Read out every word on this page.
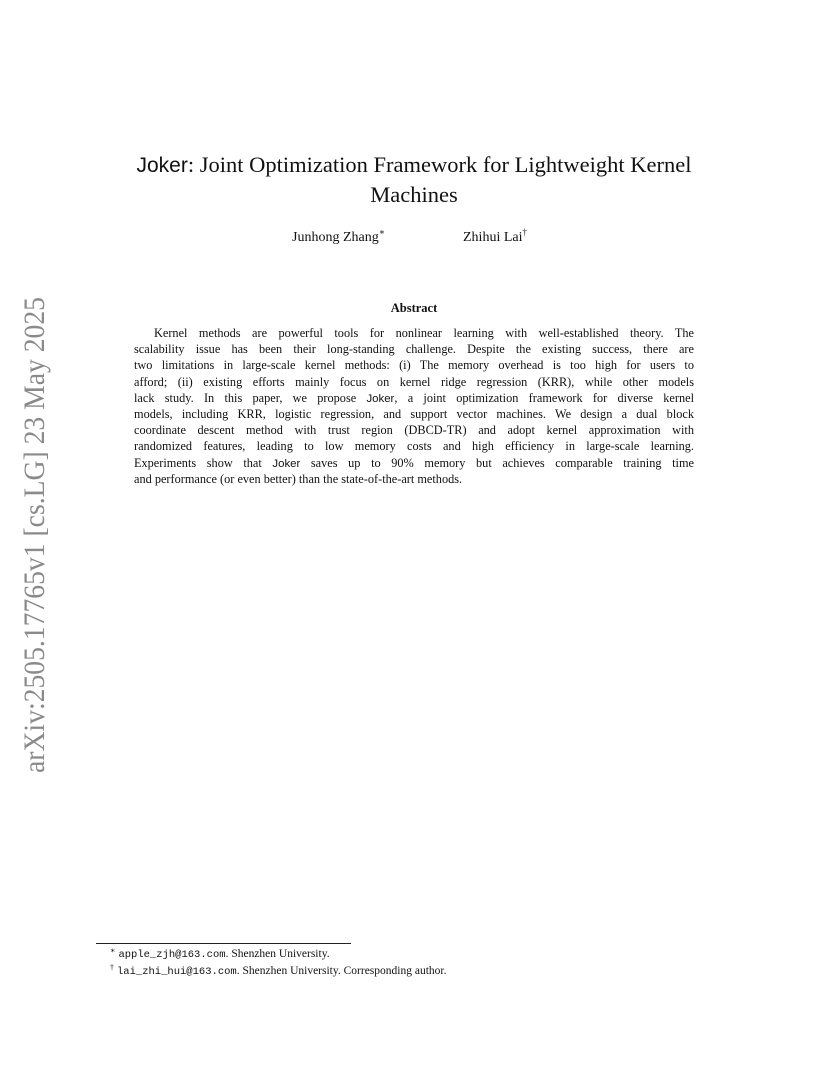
arXiv:2505.17765v1 [cs.LG] 23 May 2025
Joker: Joint Optimization Framework for Lightweight Kernel
Machines
Junhong Zhang∗	Zhihui Lai†
Abstract
Kernel methods are powerful tools for nonlinear learning with well-established theory. The
scalability issue has been their long-standing challenge. Despite the existing success, there are
two limitations in large-scale kernel methods: (i) The memory overhead is too high for users to
afford; (ii) existing efforts mainly focus on kernel ridge regression (KRR), while other models
lack study. In this paper, we propose Joker, a joint optimization framework for diverse kernel
models, including KRR, logistic regression, and support vector machines. We design a dual block
coordinate descent method with trust region (DBCD-TR) and adopt kernel approximation with
randomized features, leading to low memory costs and high efficiency in large-scale learning.
Experiments show that Joker saves up to 90% memory but achieves comparable training time
and performance (or even better) than the state-of-the-art methods.
∗ apple_zjh@163.com. Shenzhen University.
† lai_zhi_hui@163.com. Shenzhen University. Corresponding author.
